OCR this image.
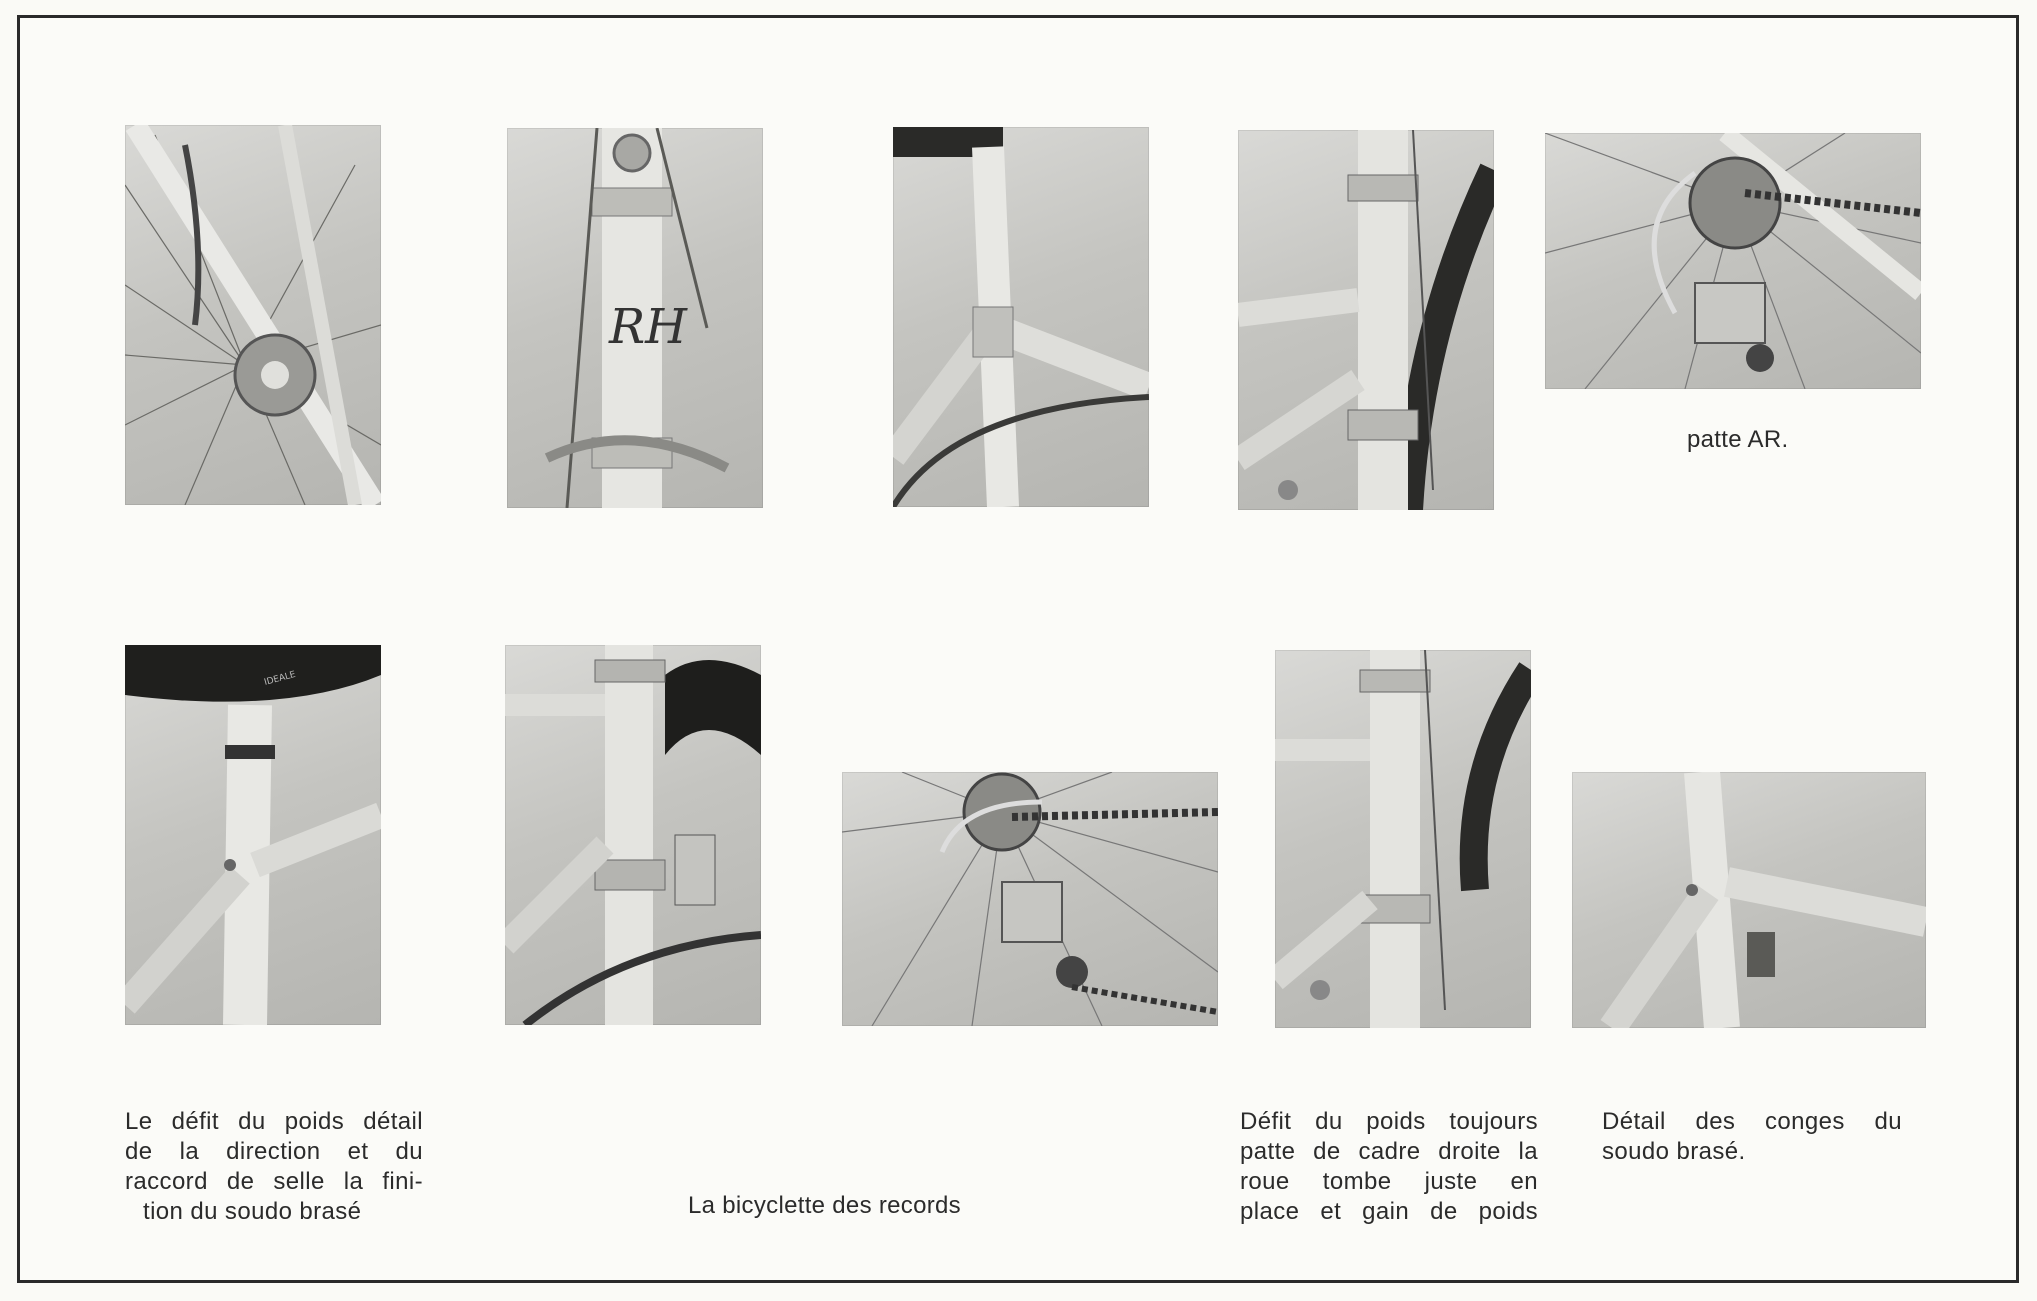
RH
patte AR.
IDEALE
Le défit du poids détail
de la direction et du
raccord de selle la fini-
tion du soudo brasé	La bicyclette des records
Défit du poids toujours
patte de cadre droite la
roue tombe juste en
place et gain de poids
Détail des conges du
soudo brasé.
